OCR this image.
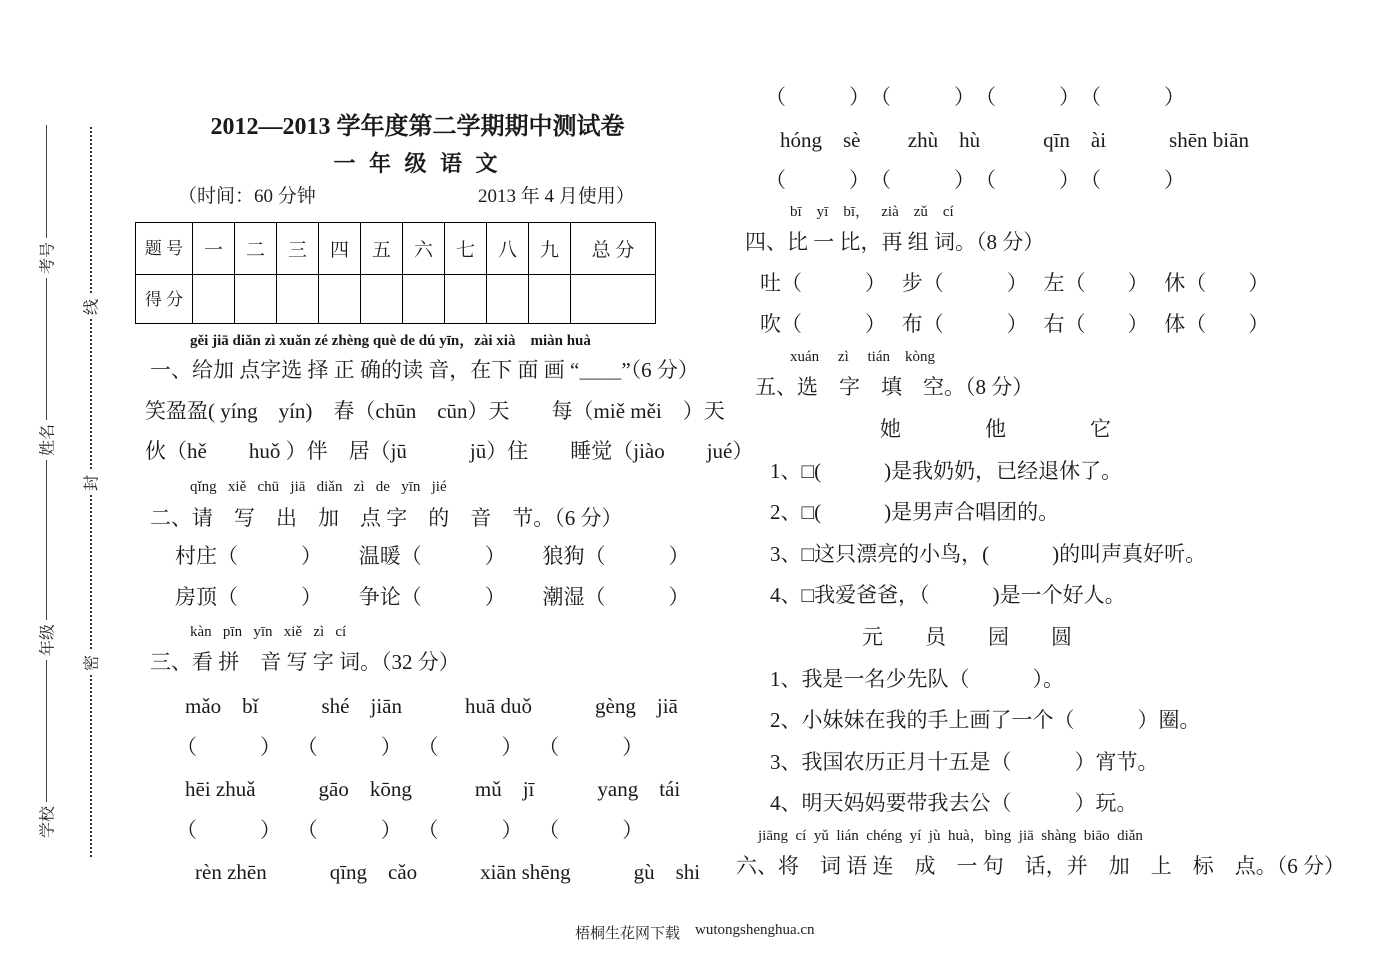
考号
姓名
年级
学校
线
封
密
2012—2013 学年度第二学期期中测试卷
一 年 级 语 文
（时间：60 分钟	2013 年 4 月使用）
题 号	一	二	三	四	五	六	七	八	九	总 分
得 分										
gěi jiā diǎn zì xuǎn zé zhèng què de dú yīn，zài xià　miàn huà
一、给加 点字选 择 正 确的读 音，在下 面 画 “＿＿”（6 分）
笑盈盈( yíng　yín)　春（chūn　cūn）天　　每（miě měi　）天
伙（hě　　huǒ ）伴　居（jū　　　jū）住　　睡觉（jiào　　jué）
qǐng   xiě   chū   jiā   diǎn   zì   de   yīn   jié
二、请　写　出　加　点 字　的　音　节。（6 分）
村庄（　　　）　　 温暖（　　　）　　 狼狗（　　　）
房顶（　　　）　　 争论（　　　）　　 潮湿（　　　）
kàn   pīn   yīn   xiě   zì   cí
三、看 拼　音 写 字 词。（32 分）
mǎo　bǐ　　　shé　jiān　　　huā duǒ　　　gèng　jiā
（　　　）　 （　　　）　 （　　　）　 （　　　）
hēi zhuǎ　　　gāo　kōng　　　mǔ　jī　　　yang　tái
（　　　）　 （　　　）　 （　　　）　 （　　　）
rèn zhēn　　　qīng　cǎo　　　xiān shēng　　　gù　shi
（　　　）　（　　　）　（　　　）　（　　　）
hóng　sè　　 zhù　hù　　　qīn　ài　　　shēn biān
（　　　）　（　　　）　（　　　）　（　　　）
bī　yī　bī，　 zià　zǔ　cí
四、比 一 比，再 组 词。（8 分）
吐（　　　）　 步（　　　）　 左（　　）　 休（　　）
吹（　　　）　 布（　　　）　 右（　　）　 体（　　）
xuán　 zì　 tián　kòng
五、选　字　填　空。（8 分）
她　　　　他　　　　它
1、□(　　　)是我奶奶，已经退休了。
2、□(　　　)是男声合唱团的。
3、□这只漂亮的小鸟，(　　　)的叫声真好听。
4、□我爱爸爸，（　　　)是一个好人。
元　　员　　园　　圆
1、我是一名少先队（　　　）。
2、小妹妹在我的手上画了一个（　　　）圈。
3、我国农历正月十五是（　　　）宵节。
4、明天妈妈要带我去公（　　　）玩。
jiāng  cí  yǔ  lián  chéng  yí  jù  huà，bìng  jiā  shàng  biāo  diǎn
六、将　词 语 连　成　一 句　话，并　加　上　标　点。（6 分）
梧桐生花网下载 wutongshenghua.cn
